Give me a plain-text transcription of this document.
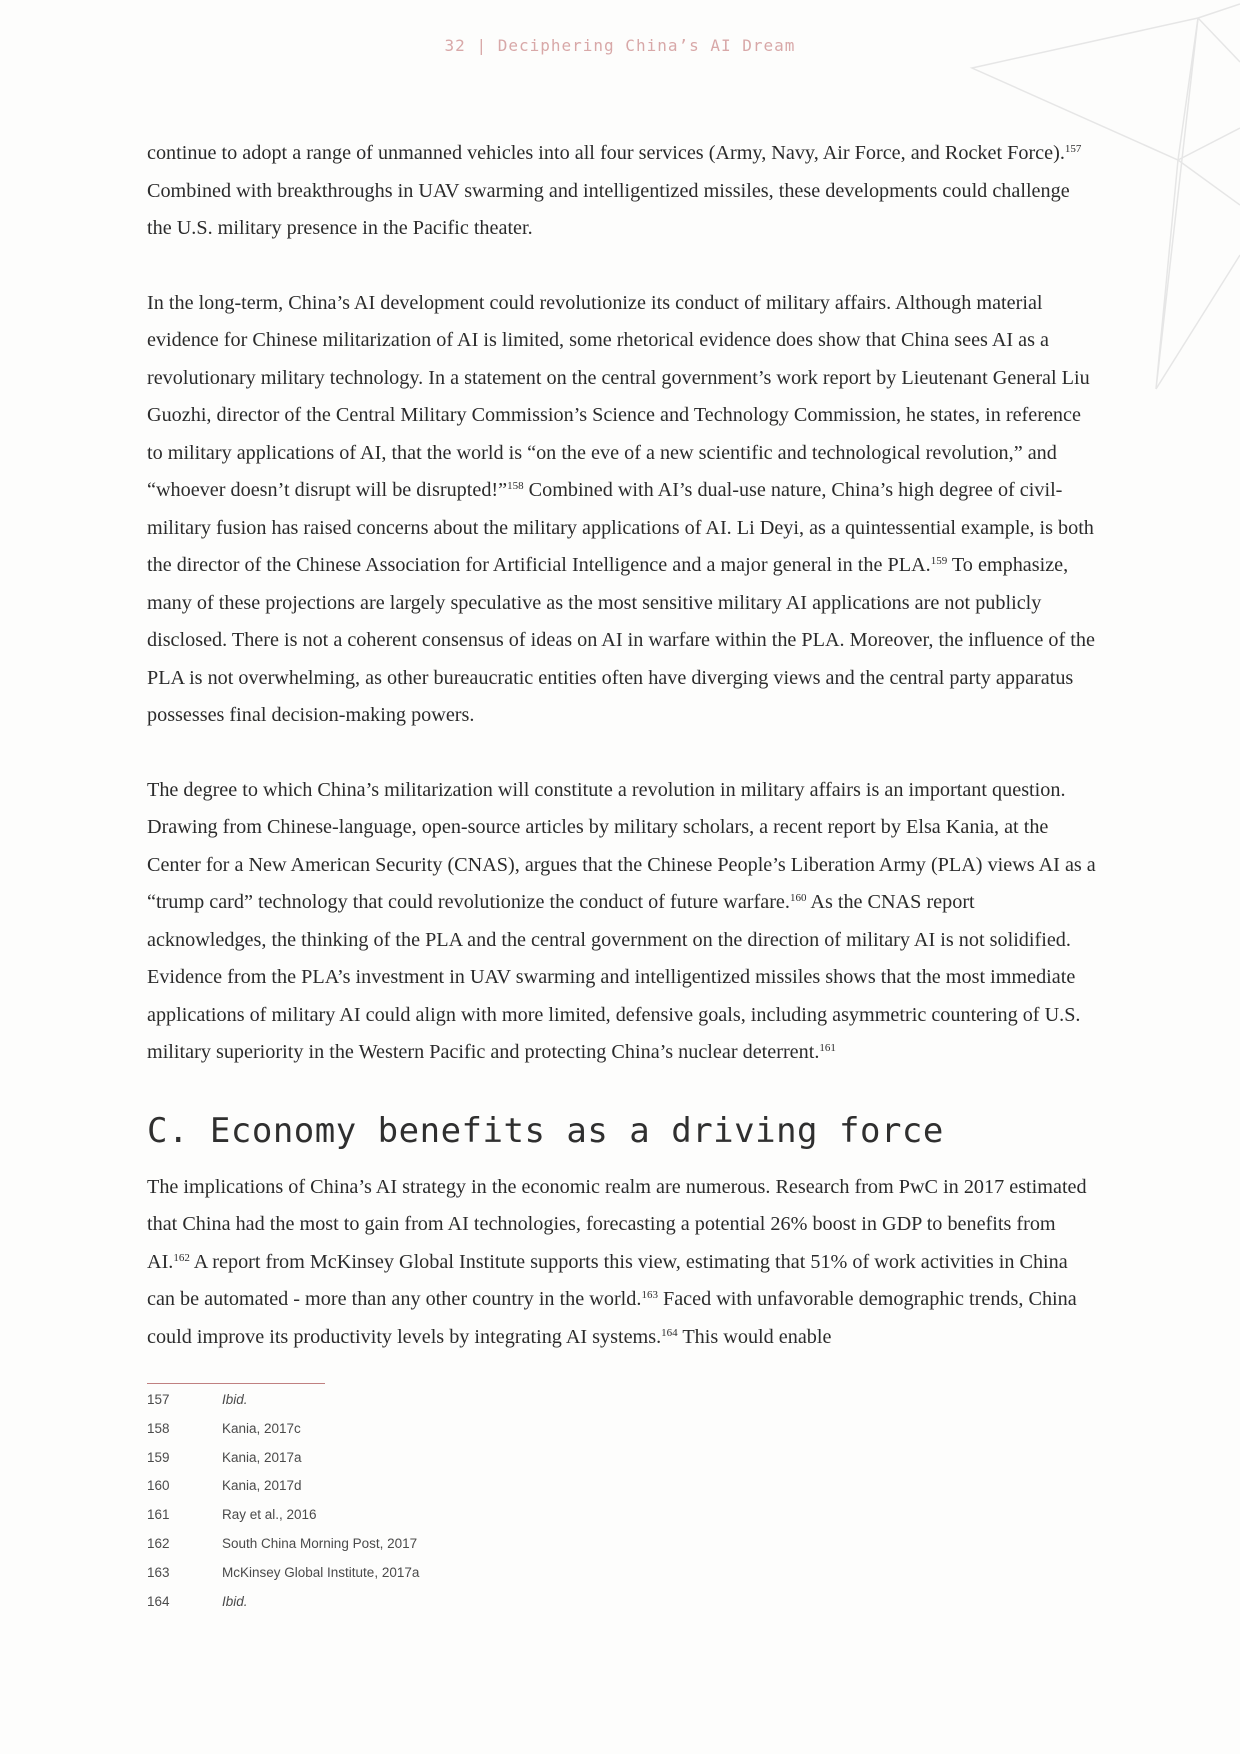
32 | Deciphering China’s AI Dream

continue to adopt a range of unmanned vehicles into all four services (Army, Navy, Air Force, and Rocket Force).$^{157}$ Combined with breakthroughs in UAV swarming and intelligentized missiles, these developments could challenge the U.S. military presence in the Pacific theater.

In the long-term, China’s AI development could revolutionize its conduct of military affairs. Although material evidence for Chinese militarization of AI is limited, some rhetorical evidence does show that China sees AI as a revolutionary military technology. In a statement on the central government’s work report by Lieutenant General Liu Guozhi, director of the Central Military Commission’s Science and Technology Commission, he states, in reference to military applications of AI, that the world is “on the eve of a new scientific and technological revolution,” and “whoever doesn’t disrupt will be disrupted!”$^{158}$ Combined with AI’s dual-use nature, China’s high degree of civil-military fusion has raised concerns about the military applications of AI. Li Deyi, as a quintessential example, is both the director of the Chinese Association for Artificial Intelligence and a major general in the PLA.$^{159}$ To emphasize, many of these projections are largely speculative as the most sensitive military AI applications are not publicly disclosed. There is not a coherent consensus of ideas on AI in warfare within the PLA. Moreover, the influence of the PLA is not overwhelming, as other bureaucratic entities often have diverging views and the central party apparatus possesses final decision-making powers.

The degree to which China’s militarization will constitute a revolution in military affairs is an important question. Drawing from Chinese-language, open-source articles by military scholars, a recent report by Elsa Kania, at the Center for a New American Security (CNAS), argues that the Chinese People’s Liberation Army (PLA) views AI as a “trump card” technology that could revolutionize the conduct of future warfare.$^{160}$ As the CNAS report acknowledges, the thinking of the PLA and the central government on the direction of military AI is not solidified. Evidence from the PLA’s investment in UAV swarming and intelligentized missiles shows that the most immediate applications of military AI could align with more limited, defensive goals, including asymmetric countering of U.S. military superiority in the Western Pacific and protecting China’s nuclear deterrent.$^{161}$

C. Economy benefits as a driving force

The implications of China’s AI strategy in the economic realm are numerous. Research from PwC in 2017 estimated that China had the most to gain from AI technologies, forecasting a potential 26% boost in GDP to benefits from AI.$^{162}$ A report from McKinsey Global Institute supports this view, estimating that 51% of work activities in China can be automated - more than any other country in the world.$^{163}$ Faced with unfavorable demographic trends, China could improve its productivity levels by integrating AI systems.$^{164}$ This would enable

157	Ibid.
158	Kania, 2017c
159	Kania, 2017a
160	Kania, 2017d
161	Ray et al., 2016
162	South China Morning Post, 2017
163	McKinsey Global Institute, 2017a
164	Ibid.
